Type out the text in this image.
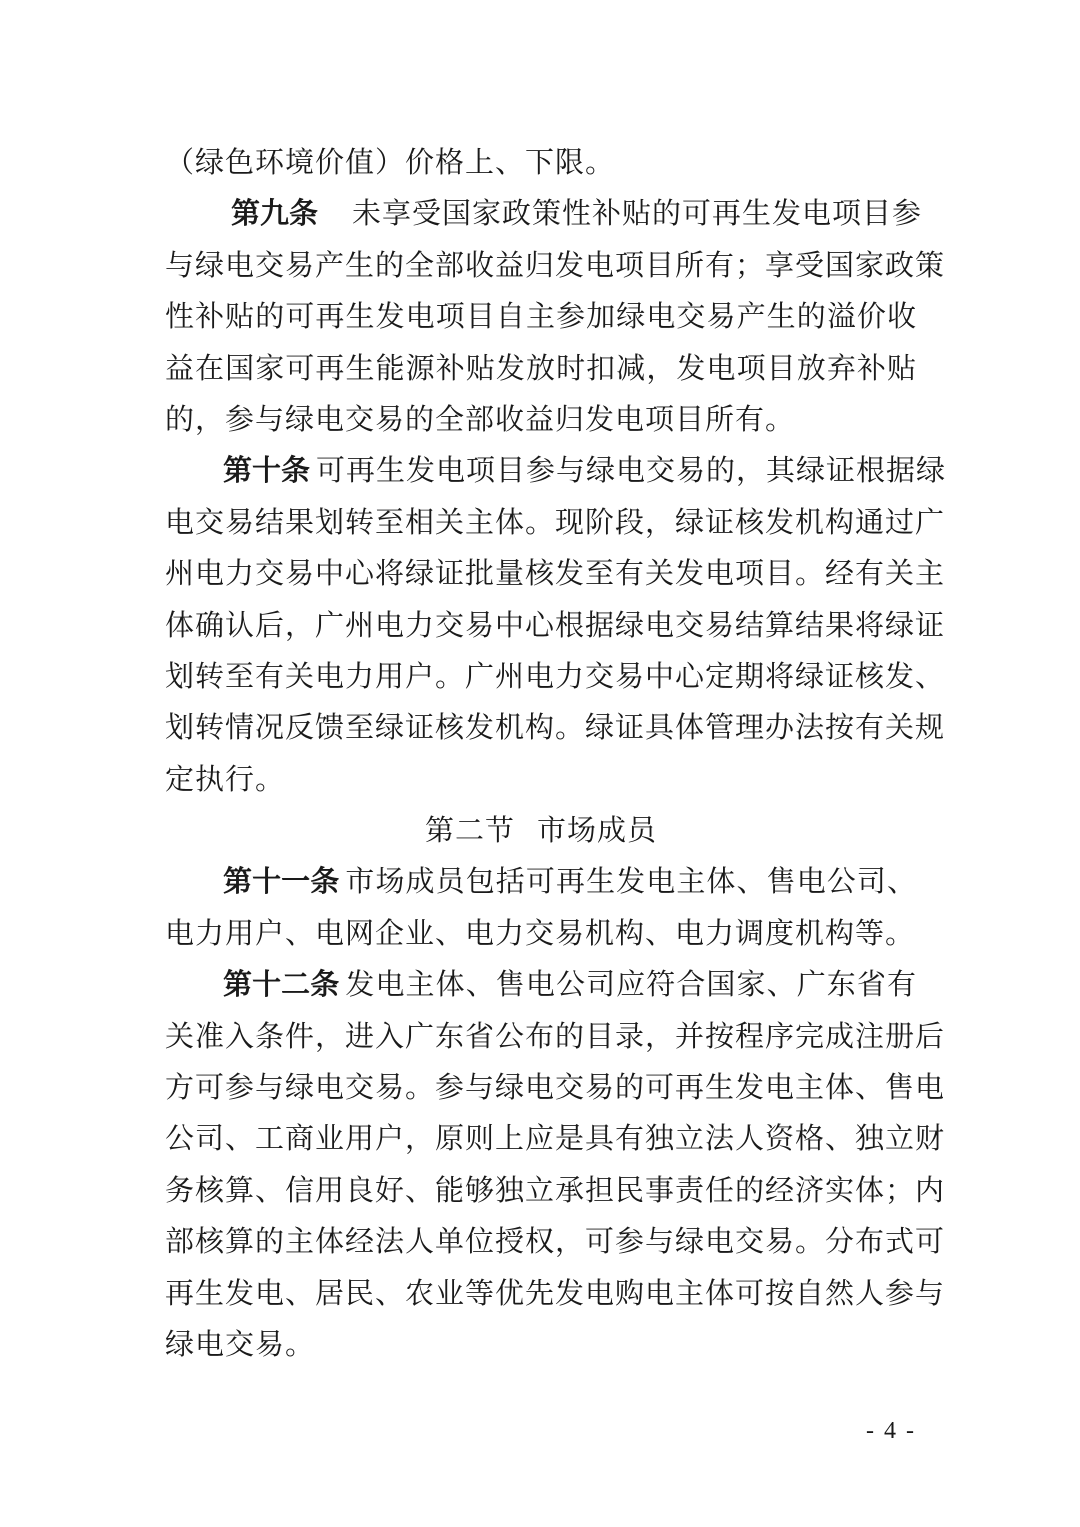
（绿色环境价值）价格上、下限。
第九条 未享受国家政策性补贴的可再生发电项目参
与绿电交易产生的全部收益归发电项目所有；享受国家政策
性补贴的可再生发电项目自主参加绿电交易产生的溢价收
益在国家可再生能源补贴发放时扣减，发电项目放弃补贴
的，参与绿电交易的全部收益归发电项目所有。
第十条 可再生发电项目参与绿电交易的，其绿证根据绿
电交易结果划转至相关主体。现阶段，绿证核发机构通过广
州电力交易中心将绿证批量核发至有关发电项目。经有关主
体确认后，广州电力交易中心根据绿电交易结算结果将绿证
划转至有关电力用户。广州电力交易中心定期将绿证核发、
划转情况反馈至绿证核发机构。绿证具体管理办法按有关规
定执行。
第二节 市场成员
第十一条 市场成员包括可再生发电主体、售电公司、
电力用户、电网企业、电力交易机构、电力调度机构等。
第十二条 发电主体、售电公司应符合国家、广东省有
关准入条件，进入广东省公布的目录，并按程序完成注册后
方可参与绿电交易。参与绿电交易的可再生发电主体、售电
公司、工商业用户，原则上应是具有独立法人资格、独立财
务核算、信用良好、能够独立承担民事责任的经济实体；内
部核算的主体经法人单位授权，可参与绿电交易。分布式可
再生发电、居民、农业等优先发电购电主体可按自然人参与
绿电交易。
- 4 -
